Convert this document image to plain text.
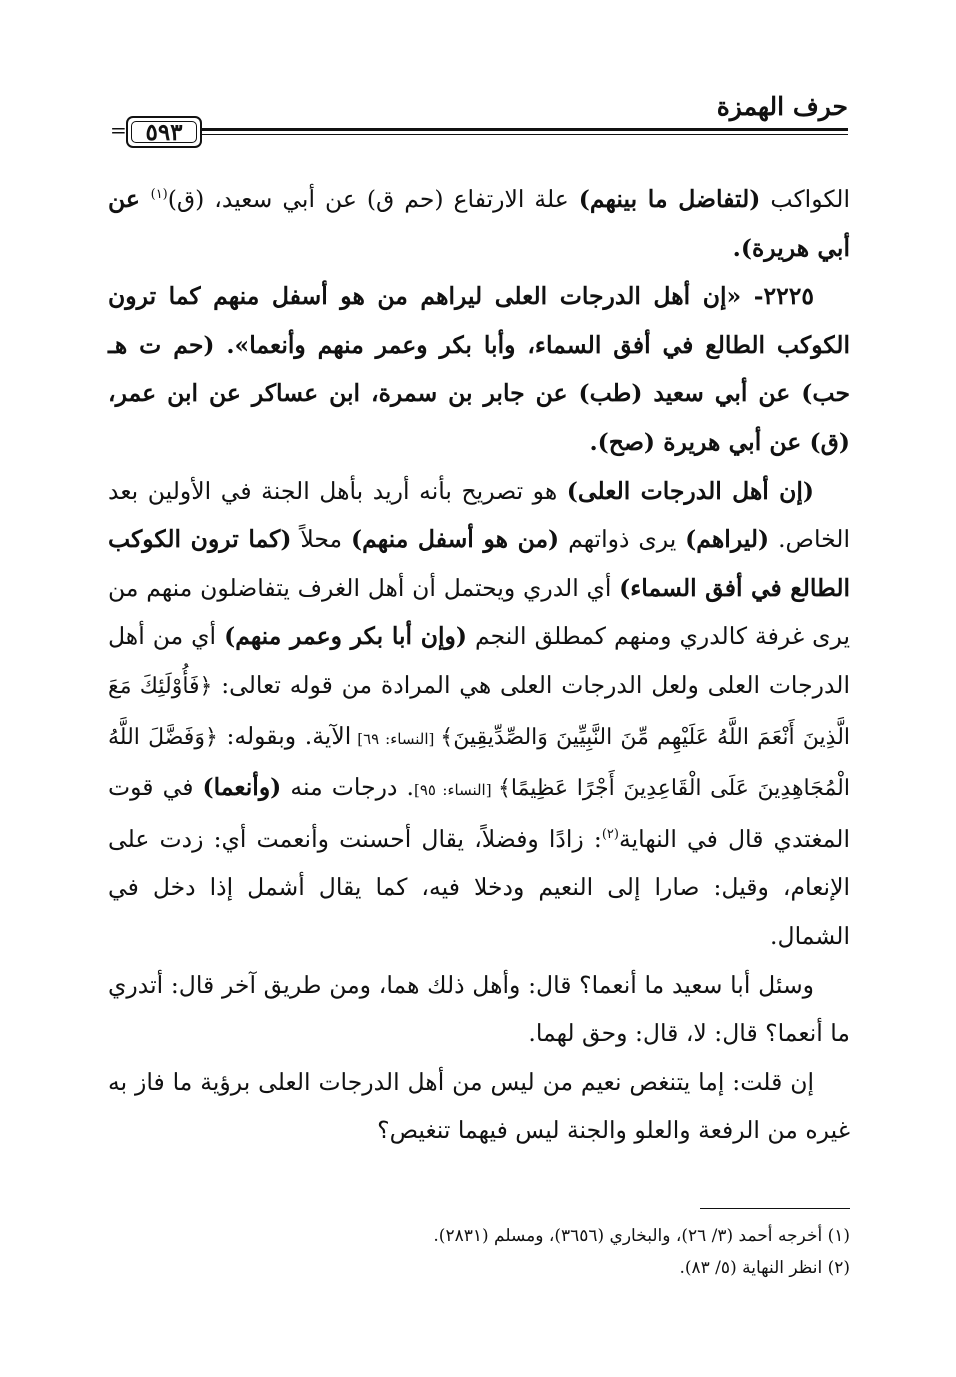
حرف الهمزة
٥٩٣
=

الكواكب (لتفاضل ما بينهم) علة الارتفاع (حم ق) عن أبي سعيد، (ق)$^{(١)}$ عن أبي هريرة).

٢٢٢٥- «إن أهل الدرجات العلى ليراهم من هو أسفل منهم كما ترون الكوكب الطالع في أفق السماء، وأبا بكر وعمر منهم وأنعما». (حم ت هـ حب) عن أبي سعيد (طب) عن جابر بن سمرة، ابن عساكر عن ابن عمر،(ق) عن أبي هريرة (صح).

(إن أهل الدرجات العلى) هو تصريح بأنه أريد بأهل الجنة في الأولين بعد الخاص. (ليراهم) يرى ذواتهم (من هو أسفل منهم) محلاً (كما ترون الكوكب الطالع في أفق السماء) أي الدري ويحتمل أن أهل الغرف يتفاضلون منهم من يرى غرفة كالدري ومنهم كمطلق النجم (وإن أبا بكر وعمر منهم) أي من أهل الدرجات العلى ولعل الدرجات العلى هي المرادة من قوله تعالى: ﴿فَأُوْلَئِكَ مَعَ الَّذِينَ أَنْعَمَ اللَّهُ عَلَيْهِم مِّنَ النَّبِيِّينَ وَالصِّدِّيقِينَ﴾ [النساء: ٦٩] الآية. وبقوله: ﴿وَفَضَّلَ اللَّهُ الْمُجَاهِدِينَ عَلَى الْقَاعِدِينَ أَجْرًا عَظِيمًا﴾ [النساء: ٩٥]. درجات منه (وأنعما) في قوت المغتدي قال في النهاية$^{(٢)}$: زادًا وفضلاً، يقال أحسنت وأنعمت أي: زدت على الإنعام، وقيل: صارا إلى النعيم ودخلا فيه، كما يقال أشمل إذا دخل في الشمال.

وسئل أبا سعيد ما أنعما؟ قال: وأهل ذلك هما، ومن طريق آخر قال: أتدري ما أنعما؟ قال: لا، قال: وحق لهما.

إن قلت: إما يتنغص نعيم من ليس من أهل الدرجات العلى برؤية ما فاز به غيره من الرفعة والعلو والجنة ليس فيهما تنغيص؟

(١) أخرجه أحمد (٣/ ٢٦)، والبخاري (٣٦٥٦)، ومسلم (٢٨٣١).

(٢) انظر النهاية (٥/ ٨٣).
